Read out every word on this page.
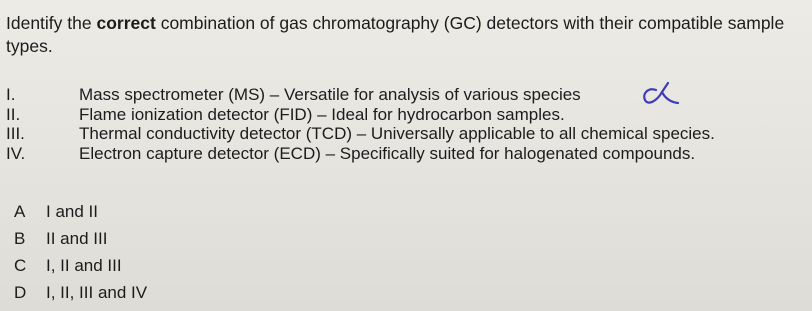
Identify the correct combination of gas chromatography (GC) detectors with their compatible sample types.
I.	Mass spectrometer (MS) – Versatile for analysis of various species
II.	Flame ionization detector (FID) – Ideal for hydrocarbon samples.
III.	Thermal conductivity detector (TCD) – Universally applicable to all chemical species.
IV.	Electron capture detector (ECD) – Specifically suited for halogenated compounds.
A	I and II
B	II and III
C	I, II and III
D	I, II, III and IV
